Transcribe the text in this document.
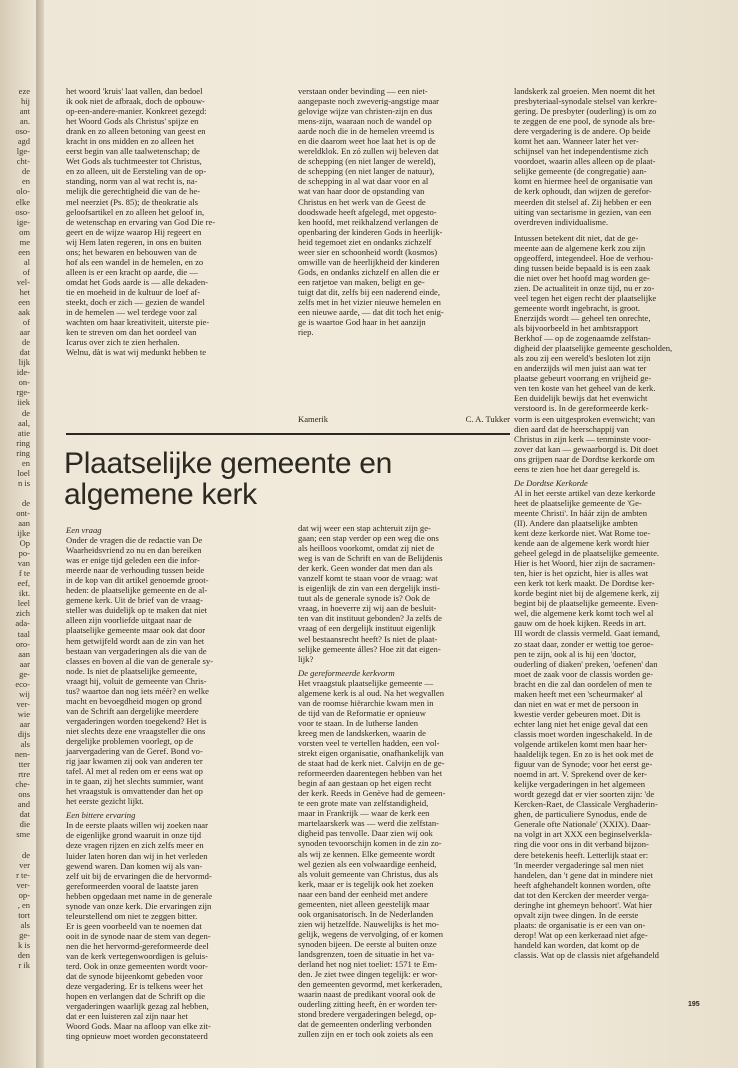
eze
hij
ant
an.
oso-
agd
lge-
cht-
de
en
olo-
elke
oso-
ige-
om
me
een
al
of
vel-
het
een
aak
of
aar
de
dat
lijk
ide-
on-
rge-
iiek
de
aal,
atie
ring
ring
en
loel
n is

de
ont-
aan
ijke
Op
po-
van
f te
eef,
ikt.
leel
zich
ada-
taal
oro-
aan
aar
ge-
eco-
wij
ver-
wie
aar
dijs
als
nen-
tter
rtre
che-
ons
and
dat
die
sme

de
ver
r te-
ver-
op-
, en
tort
als
ge-
k is
den
r ik
het woord 'kruis' laat vallen, dan bedoel
ik ook niet de afbraak, doch de opbouw-
op-een-andere-manier. Konkreet gezegd:
het Woord Gods als Christus' spijze en
drank en zo alleen betoning van geest en
kracht in ons midden en zo alleen het
eerst begin van alle taalwetenschap; de
Wet Gods als tuchtmeester tot Christus,
en zo alleen, uit de Eersteling van de op-
standing, norm van al wat recht is, na-
melijk die gerechtigheid die van de he-
mel neerziet (Ps. 85); de theokratie als
geloofsartikel en zo alleen het geloof in,
de wetenschap en ervaring van God Die re-
geert en de wijze waarop Hij regeert en
wij Hem laten regeren, in ons en buiten
ons; het bewaren en bebouwen van de
hof als een wandel in de hemelen, en zo
alleen is er een kracht op aarde, die —
omdat het Gods aarde is — alle dekaden-
tie en moeheid in de kultuur de loef af-
steekt, doch er zich — gezien de wandel
in de hemelen — wel terdege voor zal
wachten om haar kreativiteit, uiterste pie-
ken te streven om dan het oordeel van
Icarus over zich te zien herhalen.
Welnu, dàt is wat wij medunkt hebben te
verstaan onder bevinding — een niet-
aangepaste noch zweverig-angstige maar
gelovige wijze van christen-zijn en dus
mens-zijn, waaraan noch de wandel op
aarde noch die in de hemelen vreemd is
en die daarom weet hoe laat het is op de
wereldklok. En zó zullen wij beleven dat
de schepping (en niet langer de wereld),
de schepping (en niet langer de natuur),
de schepping in al wat daar voor en al
wat van haar door de opstanding van
Christus en het werk van de Geest de
doodswade heeft afgelegd, met opgesto-
ken hoofd, met reikhalzend verlangen de
openbaring der kinderen Gods in heerlijk-
heid tegemoet ziet en ondanks zichzelf
weer sier en schoonheid wordt (kosmos)
omwille van de heerlijkheid der kinderen
Gods, en ondanks zichzelf en allen die er
een ratjetoe van maken, beligt en ge-
tuigt dat dit, zelfs bij een naderend einde,
zelfs met in het vizier nieuwe hemelen en
een nieuwe aarde, — dat dit toch het enig-
ge is waartoe God haar in het aanzijn
riep.
Kamerik	C. A. Tukker
Plaatselijke gemeente en algemene kerk
Een vraag
Onder de vragen die de redactie van De
Waarheidsvriend zo nu en dan bereiken
was er enige tijd geleden een die infor-
meerde naar de verhouding tussen beide
in de kop van dit artikel genoemde groot-
heden: de plaatselijke gemeente en de al-
gemene kerk. Uit de brief van de vraag-
steller was duidelijk op te maken dat niet
alleen zijn voorliefde uitgaat naar de
plaatselijke gemeente maar ook dat door
hem getwijfeld wordt aan de zin van het
bestaan van vergaderingen als die van de
classes en boven al die van de generale sy-
node. Is niet de plaatselijke gemeente,
vraagt hij, voluit de gemeente van Chris-
tus? waartoe dan nog iets méér? en welke
macht en bevoegdheid mogen op grond
van de Schrift aan dergelijke meerdere
vergaderingen worden toegekend? Het is
niet slechts deze ene vraagsteller die ons
dergelijke problemen voorlegt, op de
jaarvergadering van de Geref. Bond vo-
rig jaar kwamen zij ook van anderen ter
tafel. Al met al reden om er eens wat op
in te gaan, zij het slechts summier, want
het vraagstuk is omvattender dan het op
het eerste gezicht lijkt.
Een bittere ervaring
In de eerste plaats willen wij zoeken naar
de eigenlijke grond waaruit in onze tijd
deze vragen rijzen en zich zelfs meer en
luider laten horen dan wij in het verleden
gewend waren. Dan komen wij als van-
zelf uit bij de ervaringen die de hervormd-
gereformeerden vooral de laatste jaren
hebben opgedaan met name in de generale
synode van onze kerk. Die ervaringen zijn
teleurstellend om niet te zeggen bitter.
Er is geen voorbeeld van te noemen dat
ooit in de synode naar de stem van degen-
nen die het hervormd-gereformeerde deel
van de kerk vertegenwoordigen is geluis-
terd. Ook in onze gemeenten wordt voor-
dat de synode bijeenkomt gebeden voor
deze vergadering. Er is telkens weer het
hopen en verlangen dat de Schrift op die
vergaderingen waarlijk gezag zal hebben,
dat er een luisteren zal zijn naar het
Woord Gods. Maar na afloop van elke zit-
ting opnieuw moet worden geconstateerd
dat wij weer een stap achteruit zijn ge-
gaan; een stap verder op een weg die ons
als heilloos voorkomt, omdat zij niet de
weg is van de Schrift en van de Belijdenis
der kerk. Geen wonder dat men dan als
vanzelf komt te staan voor de vraag: wat
is eigenlijk de zin van een dergelijk insti-
tuut als de generale synode is? Ook de
vraag, in hoeverre zij wij aan de besluit-
ten van dit instituut gebonden? Ja zelfs de
vraag of een dergelijk instituut eigenlijk
wel bestaansrecht heeft? Is niet de plaat-
selijke gemeente álles? Hoe zit dat eigen-
lijk?
De gereformeerde kerkvorm
Het vraagstuk plaatselijke gemeente —
algemene kerk is al oud. Na het wegvallen
van de roomse hiërarchie kwam men in
de tijd van de Reformatie er opnieuw
voor te staan. In de lutherse landen
kreeg men de landskerken, waarin de
vorsten veel te vertellen hadden, een vol-
strekt eigen organisatie, onafhankelijk van
de staat had de kerk niet. Calvijn en de ge-
reformeerden daarentegen hebben van het
begin af aan gestaan op het eigen recht
der kerk. Reeds in Genève had de gemeen-
te een grote mate van zelfstandigheid,
maar in Frankrijk — waar de kerk een
martelaarskerk was — werd die zelfstan-
digheid pas tenvolle. Daar zien wij ook
synoden tevoorschijn komen in de zin zo-
als wij ze kennen. Elke gemeente wordt
wel gezien als een volwaardige eenheid,
als voluit gemeente van Christus, dus als
kerk, maar er is tegelijk ook het zoeken
naar een band der eenheid met andere
gemeenten, niet alleen geestelijk maar
ook organisatorisch. In de Nederlanden
zien wij hetzelfde. Nauwelijks is het mo-
gelijk, wegens de vervolging, of er komen
synoden bijeen. De eerste al buiten onze
landsgrenzen, toen de situatie in het va-
derland het nog niet toeliet: 1571 te Em-
den. Je ziet twee dingen tegelijk: er wor-
den gemeenten gevormd, met kerkeraden,
waarin naast de predikant vooral ook de
ouderling zitting heeft, èn er worden ter-
stond bredere vergaderingen belegd, op-
dat de gemeenten onderling verbonden
zullen zijn en er toch ook zoiets als een
landskerk zal groeien. Men noemt dit het
presbyteriaal-synodale stelsel van kerkre-
gering. De presbyter (ouderling) is om zo
te zeggen de ene pool, de synode als bre-
dere vergadering is de andere. Op beide
komt het aan. Wanneer later het ver-
schijnsel van het independentisme zich
voordoet, waarin alles alleen op de plaat-
selijke gemeente (de congregatie) aan-
komt en hiermee heel de organisatie van
de kerk ophoudt, dan wijzen de gerefor-
meerden dit stelsel af. Zij hebben er een
uiting van sectarisme in gezien, van een
overdreven individualisme.
Intussen betekent dit niet, dat de ge-
meente aan de algemene kerk zou zijn
opgeofferd, integendeel. Hoe de verhou-
ding tussen beide bepaald is is een zaak
die niet over het hoofd mag worden ge-
zien. De actualiteit in onze tijd, nu er zo-
veel tegen het eigen recht der plaatselijke
gemeente wordt ingebracht, is groot.
Enerzijds wordt — geheel ten onrechte,
als bijvoorbeeld in het ambtsrapport
Berkhof — op de zogenaamde zelfstan-
digheid der plaatselijke gemeente gescholden,
als zou zij een wereld's besloten lot zijn
en anderzijds wil men juist aan wat ter
plaatse gebeurt voorrang en vrijheid ge-
ven ten koste van het geheel van de kerk.
Een duidelijk bewijs dat het evenwicht
verstoord is. In de gereformeerde kerk-
vorm is een uitgesproken evenwicht; van
dien aard dat de heerschappij van
Christus in zijn kerk — tenminste voor-
zover dat kan — gewaarborgd is. Dit doet
ons grijpen naar de Dordtse kerkorde om
eens te zien hoe het daar geregeld is.
De Dordtse Kerkorde
Al in het eerste artikel van deze kerkorde
heet de plaatselijke gemeente de 'Ge-
meente Christi'. In háár zijn de ambten
(II). Andere dan plaatselijke ambten
kent deze kerkorde niet. Wat Rome toe-
kende aan de algemene kerk wordt hier
geheel gelegd in de plaatselijke gemeente.
Hier is het Woord, hier zijn de sacramen-
ten, hier is het opzicht, hier is alles wat
een kerk tot kerk maakt. De Dordtse ker-
korde begint niet bij de algemene kerk, zij
begint bij de plaatselijke gemeente. Even-
wel, die algemene kerk komt toch wel al
gauw om de hoek kijken. Reeds in art.
III wordt de classis vermeld. Gaat iemand,
zo staat daar, zonder er wettig toe geroe-
pen te zijn, ook al is hij een 'doctor,
ouderling of diaken' preken, 'oefenen' dan
moet de zaak voor de classis worden ge-
bracht en die zal dan oordelen of men te
maken heeft met een 'scheurmaker' al
dan niet en wat er met de persoon in
kwestie verder gebeuren moet. Dit is
echter lang niet het enige geval dat een
classis moet worden ingeschakeld. In de
volgende artikelen komt men haar her-
haaldelijk tegen. En zo is het ook met de
figuur van de Synode; voor het eerst ge-
noemd in art. V. Sprekend over de ker-
kelijke vergaderingen in het algemeen
wordt gezegd dat er vier soorten zijn: 'de
Kercken-Raet, de Classicale Verghaderin-
ghen, de particuliere Synodus, ende de
Generale ofte Nationale' (XXIX). Daar-
na volgt in art XXX een beginselverkla-
ring die voor ons in dit verband bijzon-
dere betekenis heeft. Letterlijk staat er:
'In meerder vergaderinge sal men niet
handelen, dan 't gene dat in mindere niet
heeft afghehandelt konnen worden, ofte
dat tot den Kercken der meerder verga-
deringhe int ghemeyn behoort'. Wat hier
opvalt zijn twee dingen. In de eerste
plaats: de organisatie is er een van on-
derop! Wat op een kerkeraad niet afge-
handeld kan worden, dat komt op de
classis. Wat op de classis niet afgehandeld
195
